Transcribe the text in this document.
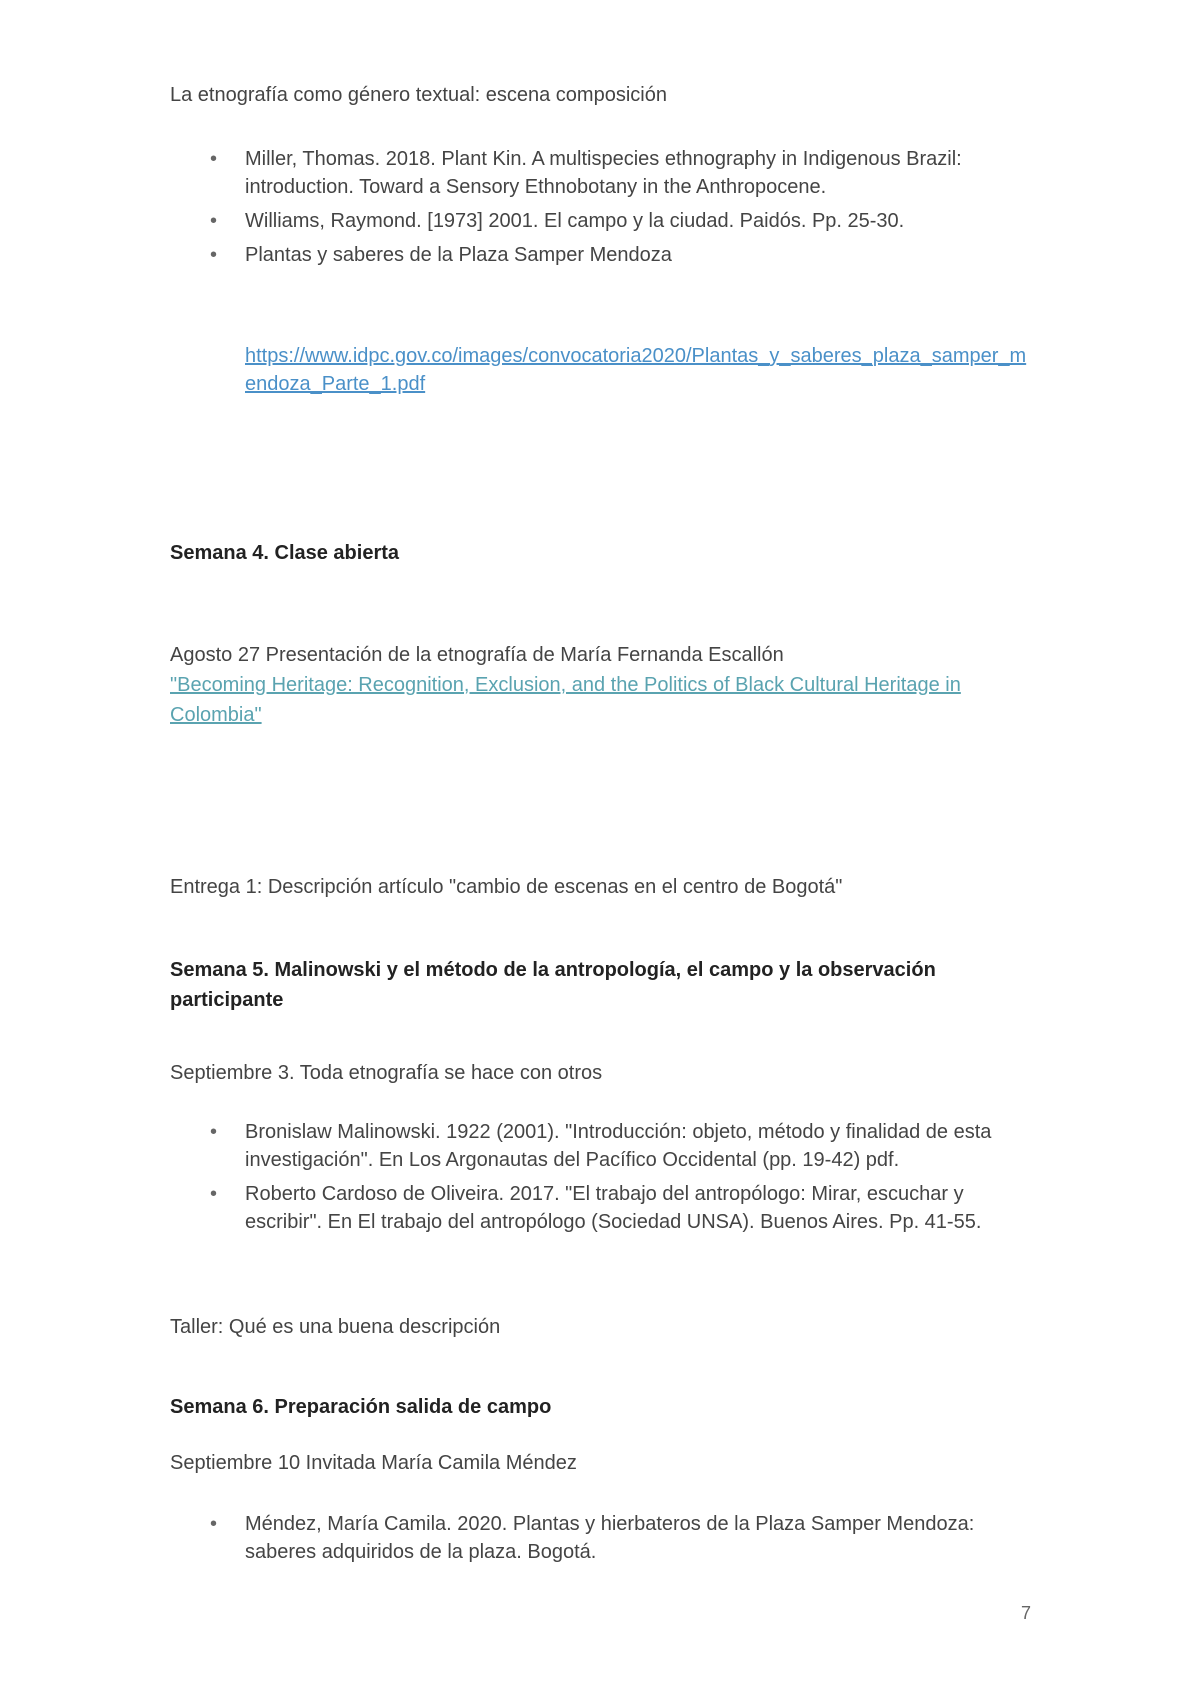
La etnografía como género textual: escena composición
•	Miller, Thomas. 2018. Plant Kin. A multispecies ethnography in Indigenous Brazil: introduction. Toward a Sensory Ethnobotany in the Anthropocene.
•	Williams, Raymond. [1973] 2001. El campo y la ciudad. Paidós. Pp. 25-30.
•	Plantas y saberes de la Plaza Samper Mendoza
https://www.idpc.gov.co/images/convocatoria2020/Plantas_y_saberes_plaza_samper_mendoza_Parte_1.pdf
Semana 4. Clase abierta
Agosto 27 Presentación de la etnografía de María Fernanda Escallón
"Becoming Heritage: Recognition, Exclusion, and the Politics of Black Cultural Heritage in Colombia"
Entrega 1: Descripción artículo "cambio de escenas en el centro de Bogotá"
Semana 5. Malinowski y el método de la antropología, el campo y la observación participante
Septiembre 3. Toda etnografía se hace con otros
•	Bronislaw Malinowski. 1922 (2001). "Introducción: objeto, método y finalidad de esta investigación". En Los Argonautas del Pacífico Occidental (pp. 19-42) pdf.
•	Roberto Cardoso de Oliveira. 2017. "El trabajo del antropólogo: Mirar, escuchar y escribir". En El trabajo del antropólogo (Sociedad UNSA). Buenos Aires. Pp. 41-55.
Taller: Qué es una buena descripción
Semana 6. Preparación salida de campo
Septiembre 10 Invitada María Camila Méndez
•	Méndez, María Camila. 2020. Plantas y hierbateros de la Plaza Samper Mendoza: saberes adquiridos de la plaza. Bogotá.
7
